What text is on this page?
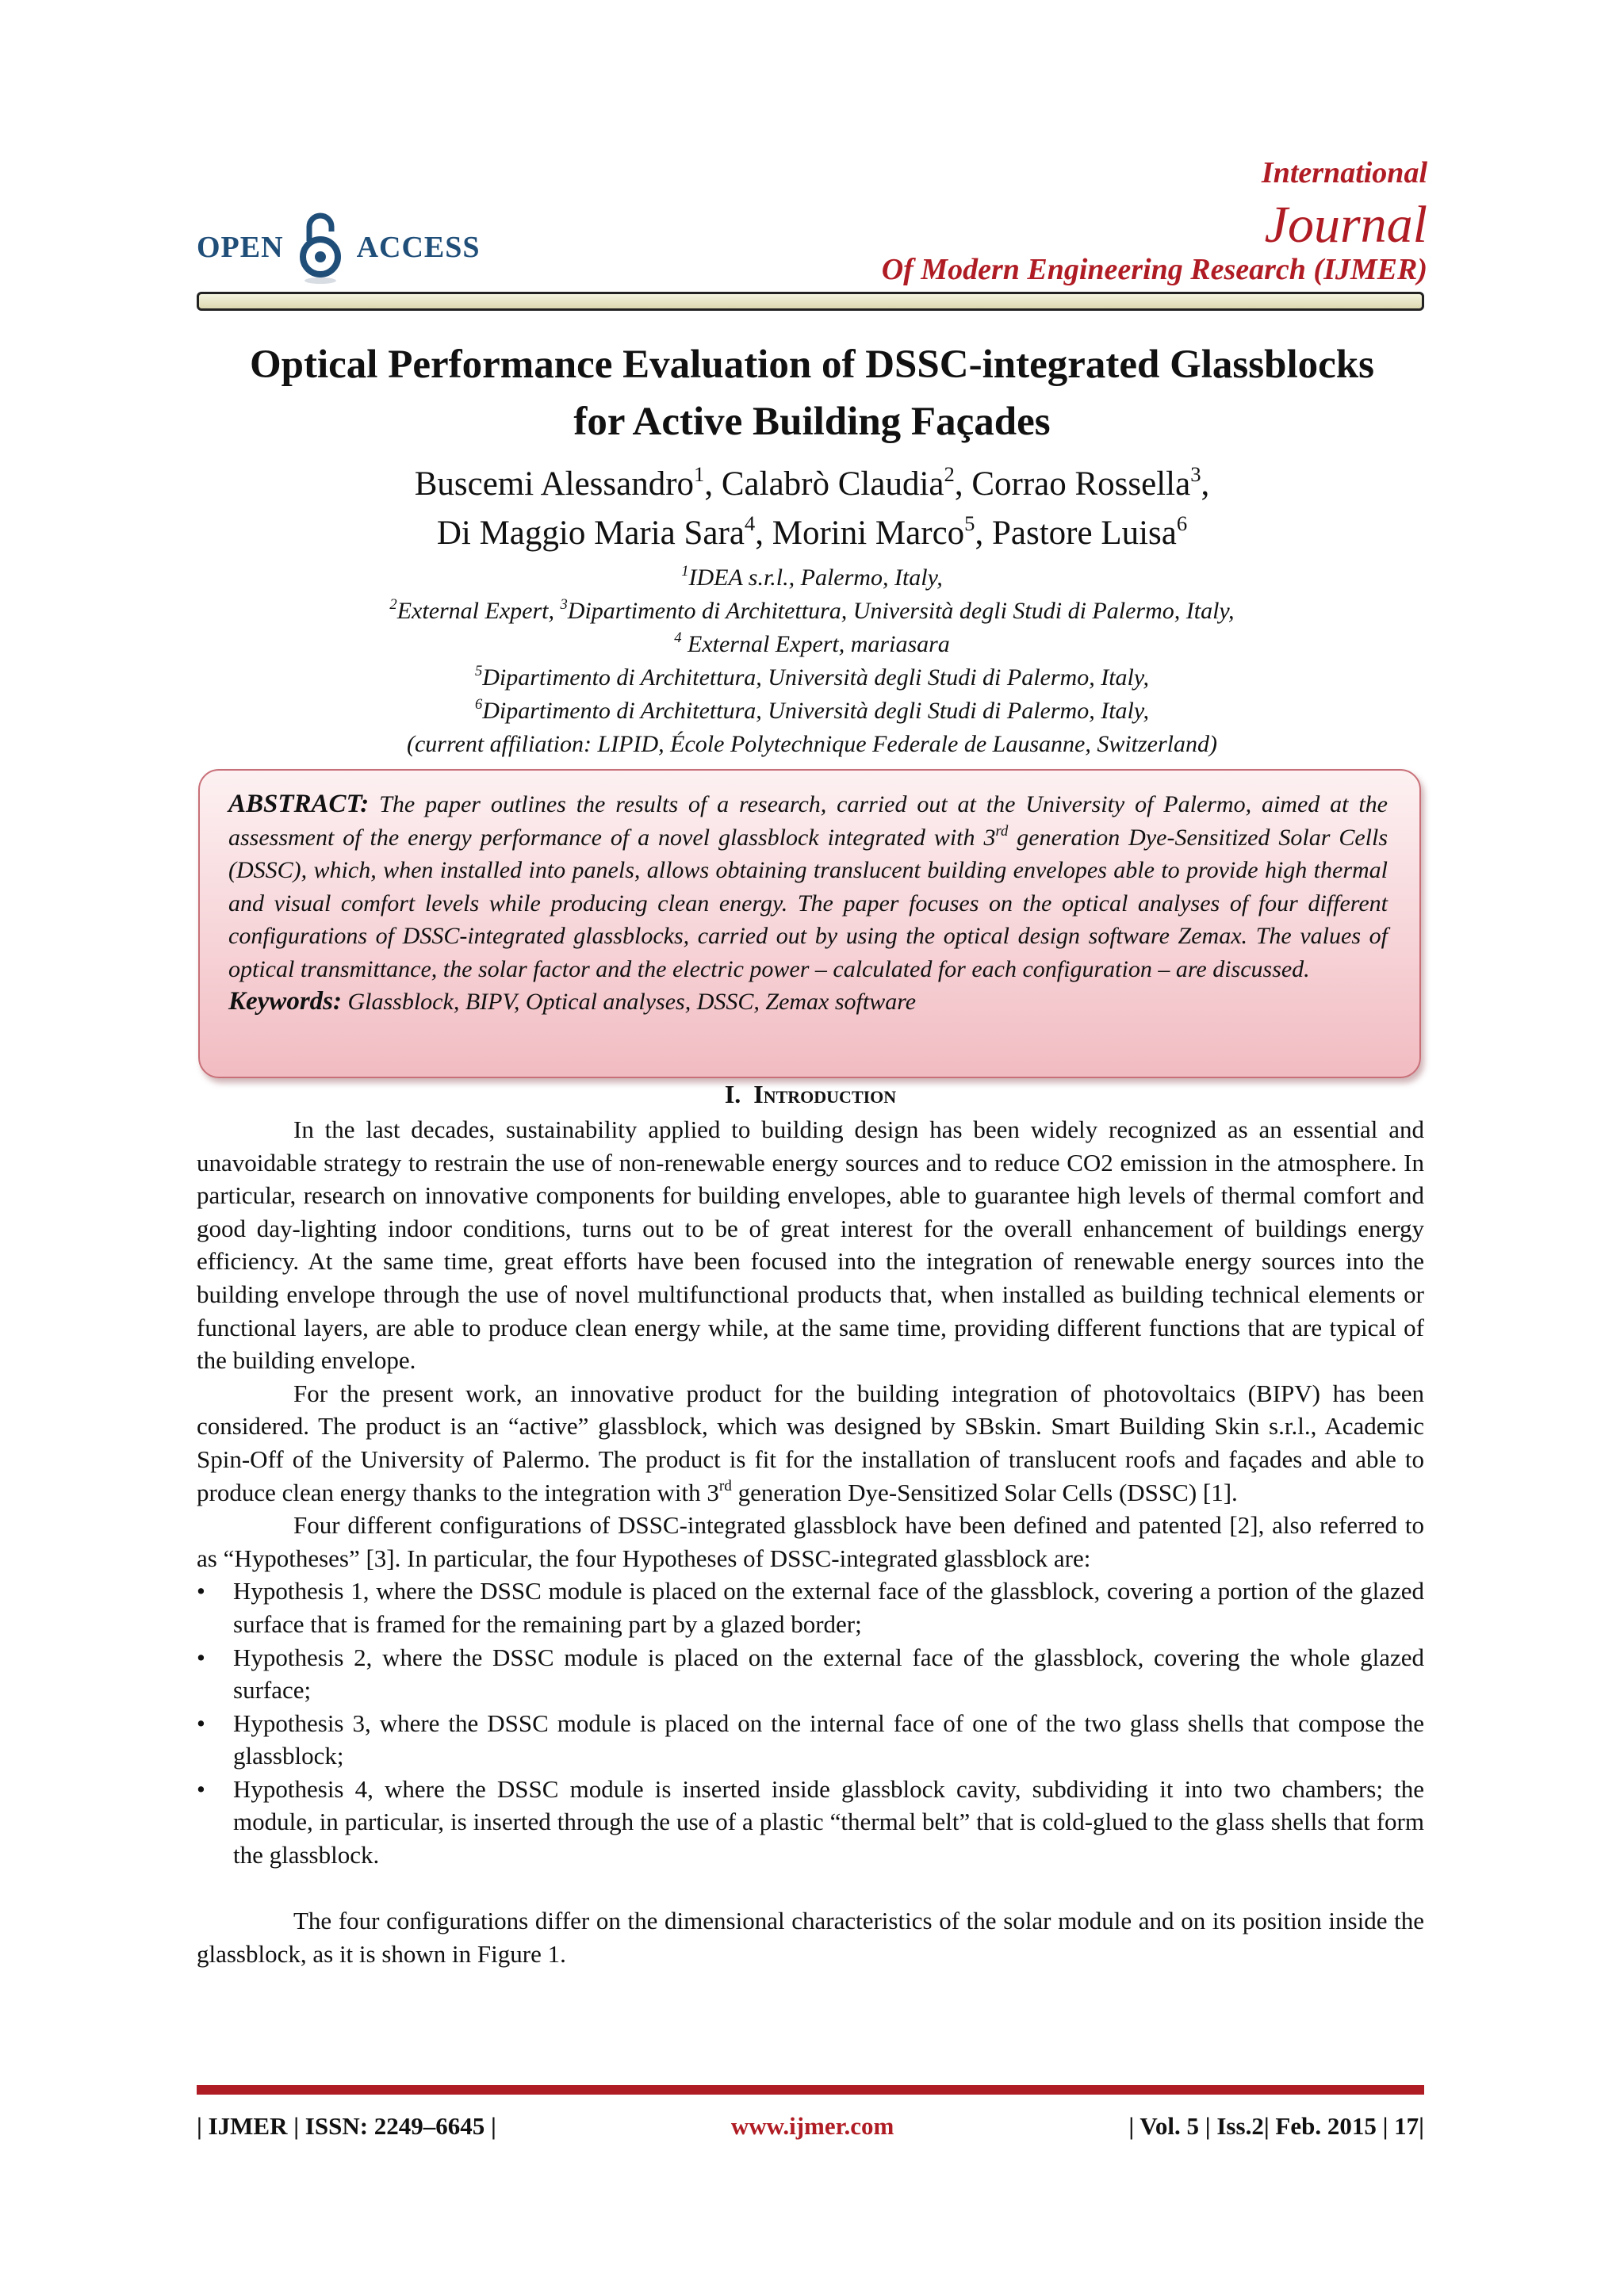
OPEN ACCESS
International
Journal
Of Modern Engineering Research (IJMER)
Optical Performance Evaluation of DSSC-integrated Glassblocks
for Active Building Façades
Buscemi Alessandro$^1$, Calabrò Claudia$^2$, Corrao Rossella$^3$,
Di Maggio Maria Sara$^4$, Morini Marco$^5$, Pastore Luisa$^6$
$^1$IDEA s.r.l., Palermo, Italy,
$^2$External Expert, $^3$Dipartimento di Architettura, Università degli Studi di Palermo, Italy,
$^4$ External Expert, mariasara
$^5$Dipartimento di Architettura, Università degli Studi di Palermo, Italy,
$^6$Dipartimento di Architettura, Università degli Studi di Palermo, Italy,
(current affiliation: LIPID, École Polytechnique Federale de Lausanne, Switzerland)
ABSTRACT: The paper outlines the results of a research, carried out at the University of Palermo, aimed at the assessment of the energy performance of a novel glassblock integrated with 3rd generation Dye-Sensitized Solar Cells (DSSC), which, when installed into panels, allows obtaining translucent building envelopes able to provide high thermal and visual comfort levels while producing clean energy. The paper focuses on the optical analyses of four different configurations of DSSC-integrated glassblocks, carried out by using the optical design software Zemax. The values of optical transmittance, the solar factor and the electric power – calculated for each configuration – are discussed.
Keywords: Glassblock, BIPV, Optical analyses, DSSC, Zemax software
I. Introduction

In the last decades, sustainability applied to building design has been widely recognized as an essential and unavoidable strategy to restrain the use of non-renewable energy sources and to reduce CO2 emission in the atmosphere. In particular, research on innovative components for building envelopes, able to guarantee high levels of thermal comfort and good day-lighting indoor conditions, turns out to be of great interest for the overall enhancement of buildings energy efficiency. At the same time, great efforts have been focused into the integration of renewable energy sources into the building envelope through the use of novel multifunctional products that, when installed as building technical elements or functional layers, are able to produce clean energy while, at the same time, providing different functions that are typical of the building envelope.

For the present work, an innovative product for the building integration of photovoltaics (BIPV) has been considered. The product is an “active” glassblock, which was designed by SBskin. Smart Building Skin s.r.l., Academic Spin-Off of the University of Palermo. The product is fit for the installation of translucent roofs and façades and able to produce clean energy thanks to the integration with 3rd generation Dye-Sensitized Solar Cells (DSSC) [1].

Four different configurations of DSSC-integrated glassblock have been defined and patented [2], also referred to as “Hypotheses” [3]. In particular, the four Hypotheses of DSSC-integrated glassblock are:

• Hypothesis 1, where the DSSC module is placed on the external face of the glassblock, covering a portion of the glazed surface that is framed for the remaining part by a glazed border;
• Hypothesis 2, where the DSSC module is placed on the external face of the glassblock, covering the whole glazed surface;
• Hypothesis 3, where the DSSC module is placed on the internal face of one of the two glass shells that compose the glassblock;
• Hypothesis 4, where the DSSC module is inserted inside glassblock cavity, subdividing it into two chambers; the module, in particular, is inserted through the use of a plastic “thermal belt” that is cold-glued to the glass shells that form the glassblock.

The four configurations differ on the dimensional characteristics of the solar module and on its position inside the glassblock, as it is shown in Figure 1.

| IJMER | ISSN: 2249–6645 |	www.ijmer.com	| Vol. 5 | Iss.2| Feb. 2015 | 17|
